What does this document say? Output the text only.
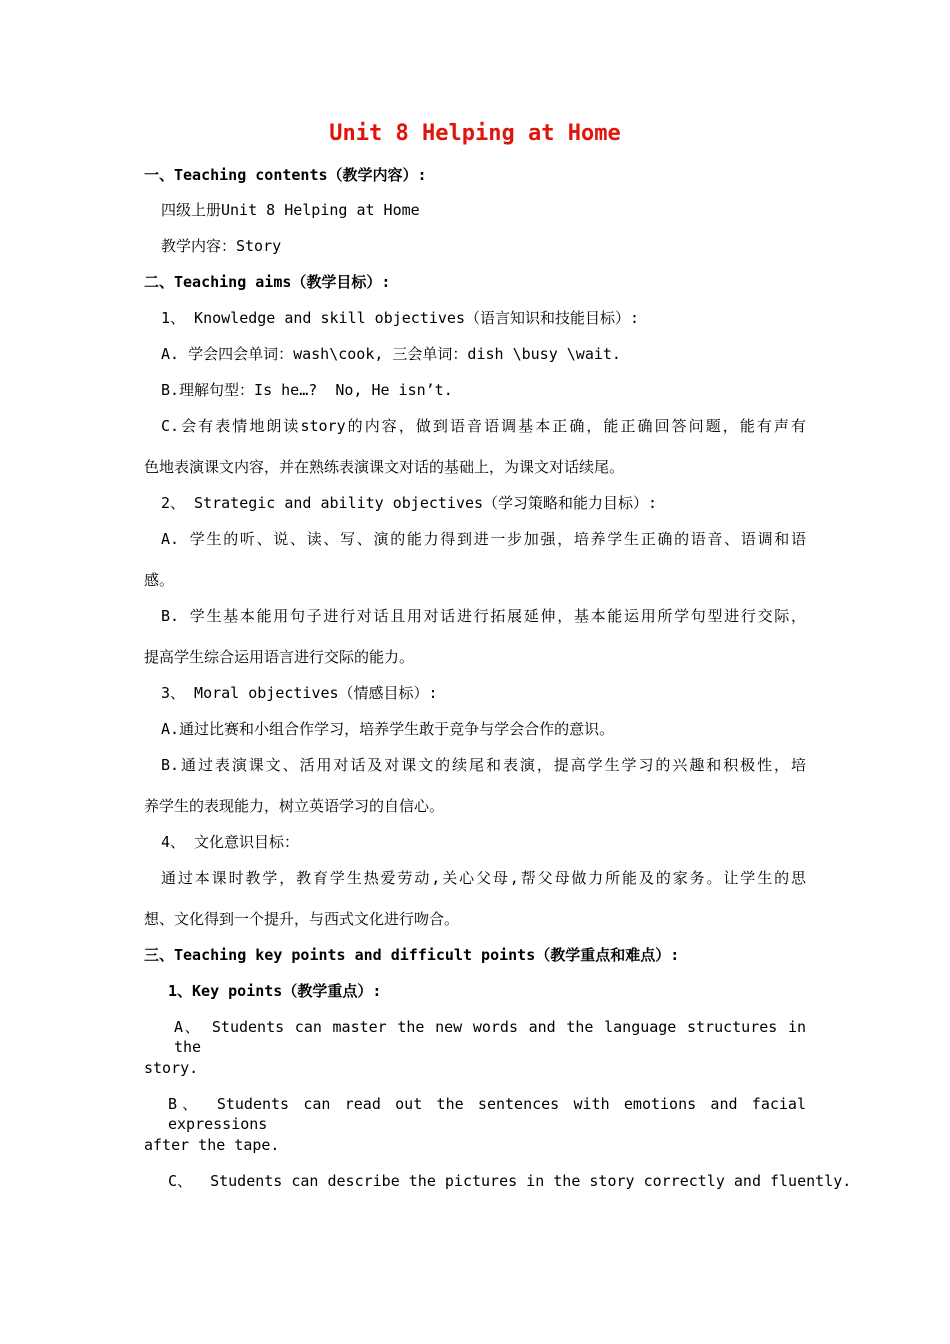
Unit 8 Helping at Home
一、Teaching contents（教学内容）:
四级上册Unit 8 Helping at Home
教学内容：Story
二、Teaching aims（教学目标）:
1、 Knowledge and skill objectives（语言知识和技能目标）:
A. 学会四会单词：wash\cook, 三会单词：dish \busy \wait.
B.理解句型：Is he…?  No, He isn’t.
C.会有表情地朗读story的内容，做到语音语调基本正确，能正确回答问题，能有声有
色地表演课文内容，并在熟练表演课文对话的基础上，为课文对话续尾。
2、 Strategic and ability objectives（学习策略和能力目标）:
A. 学生的听、说、读、写、演的能力得到进一步加强，培养学生正确的语音、语调和语
感。
B. 学生基本能用句子进行对话且用对话进行拓展延伸，基本能运用所学句型进行交际，
提高学生综合运用语言进行交际的能力。
3、 Moral objectives（情感目标）:
A.通过比赛和小组合作学习，培养学生敢于竞争与学会合作的意识。
B.通过表演课文、活用对话及对课文的续尾和表演，提高学生学习的兴趣和积极性，培
养学生的表现能力，树立英语学习的自信心。
4、 文化意识目标：
通过本课时教学，教育学生热爱劳动,关心父母,帮父母做力所能及的家务。让学生的思
想、文化得到一个提升，与西式文化进行吻合。
三、Teaching key points and difficult points（教学重点和难点）:
1、Key points（教学重点）:
A、 Students can master the new words and the language structures in the
story.
B、 Students can read out the sentences with emotions and facial expressions
after the tape.
C、  Students can describe the pictures in the story correctly and fluently.
